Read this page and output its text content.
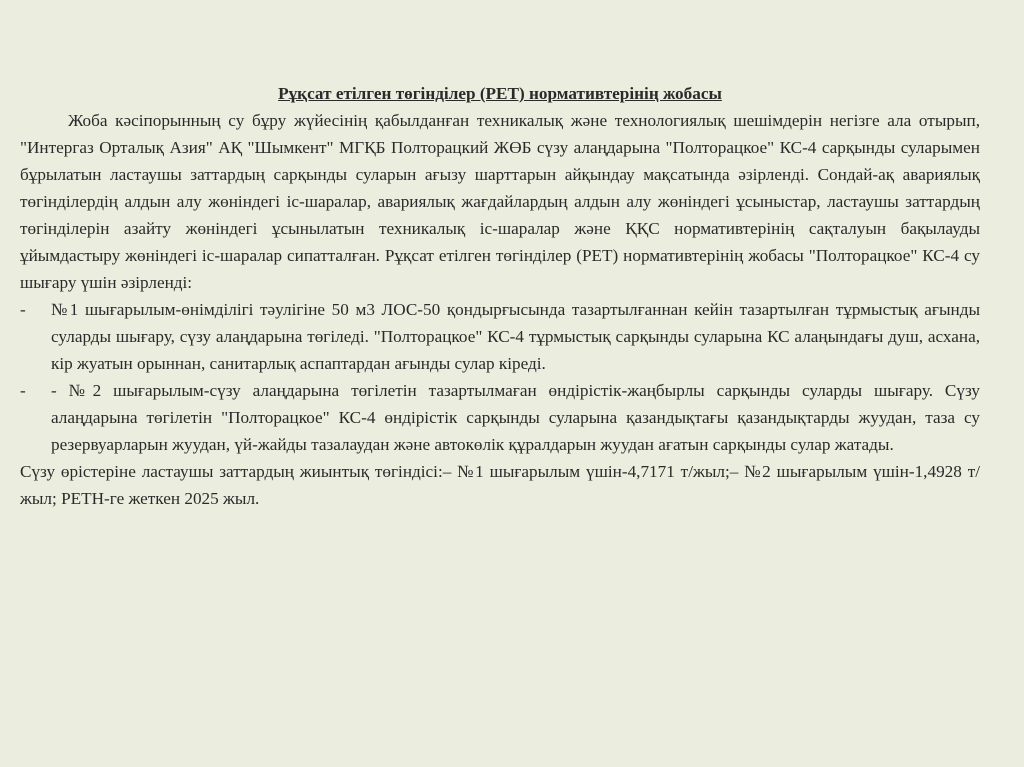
Рұқсат етілген төгінділер (РЕТ) нормативтерінің жобасы

Жоба кәсіпорынның су бұру жүйесінің қабылданған техникалық және технологиялық шешімдерін негізге ала отырып, "Интергаз Орталық Азия" АҚ "Шымкент" МГҚБ Полторацкий ЖӨБ сүзу алаңдарына "Полторацкое" КС-4 сарқынды суларымен бұрылатын ластаушы заттардың сарқынды суларын ағызу шарттарын айқындау мақсатында әзірленді. Сондай-ақ авариялық төгінділердің алдын алу жөніндегі іс-шаралар, авариялық жағдайлардың алдын алу жөніндегі ұсыныстар, ластаушы заттардың төгінділерін азайту жөніндегі ұсынылатын техникалық іс-шаралар және ҚҚС нормативтерінің сақталуын бақылауды ұйымдастыру жөніндегі іс-шаралар сипатталған. Рұқсат етілген төгінділер (РЕТ) нормативтерінің жобасы "Полторацкое" КС-4 су шығару үшін әзірленді:

-	№1 шығарылым-өнімділігі тәулігіне 50 м3 ЛОС-50 қондырғысында тазартылғаннан кейін тазартылған тұрмыстық ағынды суларды шығару, сүзу алаңдарына төгіледі. "Полторацкое" КС-4 тұрмыстық сарқынды суларына КС алаңындағы душ, асхана, кір жуатын орыннан, санитарлық аспаптардан ағынды сулар кіреді.
-	- №2 шығарылым-сүзу алаңдарына төгілетін тазартылмаған өндірістік-жаңбырлы сарқынды суларды шығару. Сүзу алаңдарына төгілетін "Полторацкое" КС-4 өндірістік сарқынды суларына қазандықтағы қазандықтарды жуудан, таза су резервуарларын жуудан, үй-жайды тазалаудан және автокөлік құралдарын жуудан ағатын сарқынды сулар жатады.

Сүзу өрістеріне ластаушы заттардың жиынтық төгіндісі:– №1 шығарылым үшін-4,7171 т/жыл;– №2 шығарылым үшін-1,4928 т/жыл; РЕТН-ге жеткен 2025 жыл.
